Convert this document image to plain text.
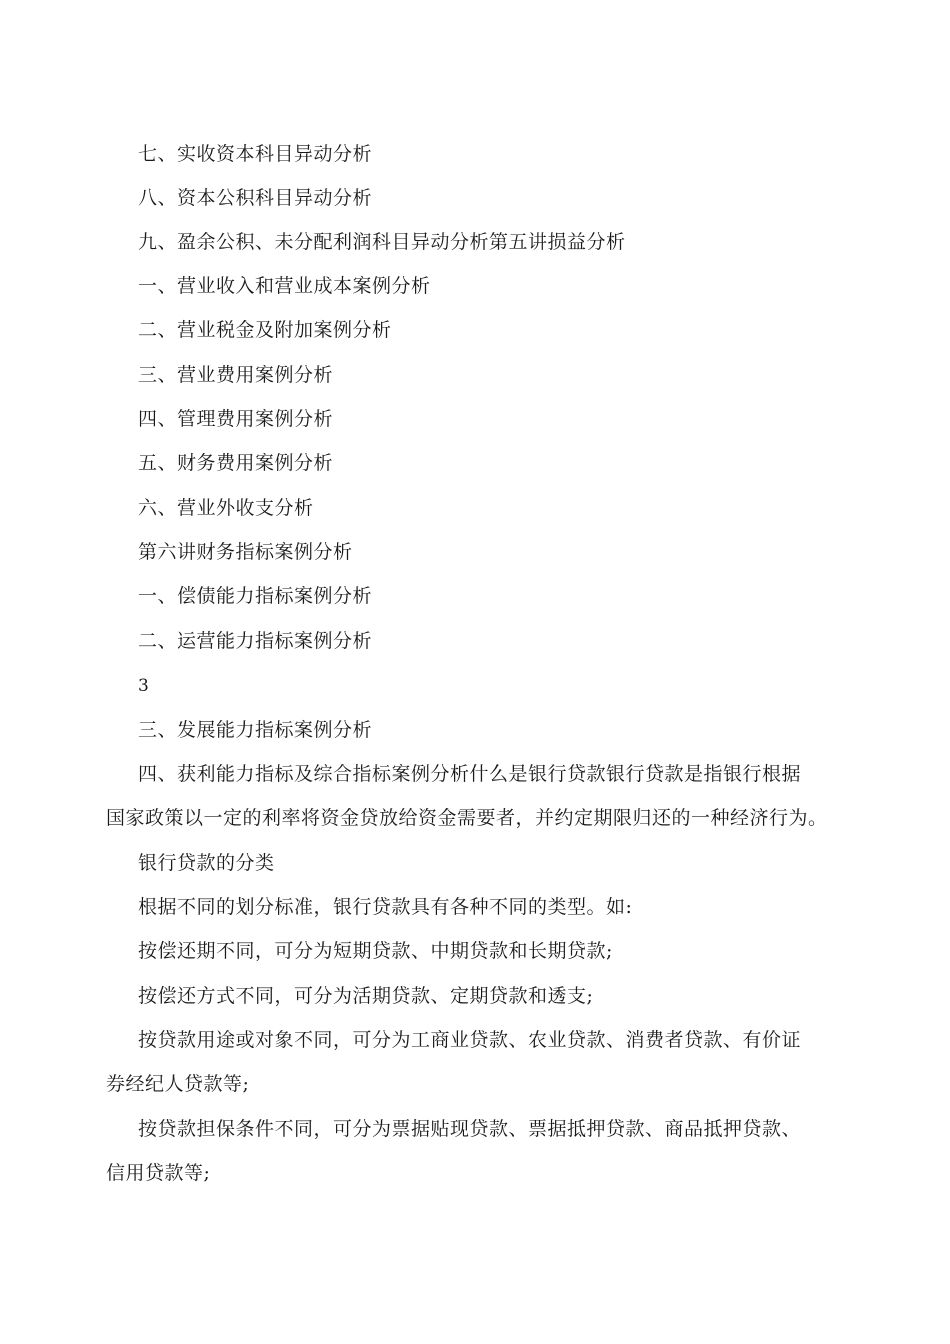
七、实收资本科目异动分析
八、资本公积科目异动分析
九、盈余公积、未分配利润科目异动分析第五讲损益分析
一、营业收入和营业成本案例分析
二、营业税金及附加案例分析
三、营业费用案例分析
四、管理费用案例分析
五、财务费用案例分析
六、营业外收支分析
第六讲财务指标案例分析
一、偿债能力指标案例分析
二、运营能力指标案例分析
3
三、发展能力指标案例分析
四、获利能力指标及综合指标案例分析什么是银行贷款银行贷款是指银行根据
国家政策以一定的利率将资金贷放给资金需要者，并约定期限归还的一种经济行为。
银行贷款的分类
根据不同的划分标准，银行贷款具有各种不同的类型。如:
按偿还期不同，可分为短期贷款、中期贷款和长期贷款;
按偿还方式不同，可分为活期贷款、定期贷款和透支;
按贷款用途或对象不同，可分为工商业贷款、农业贷款、消费者贷款、有价证
券经纪人贷款等;
按贷款担保条件不同，可分为票据贴现贷款、票据抵押贷款、商品抵押贷款、
信用贷款等;
